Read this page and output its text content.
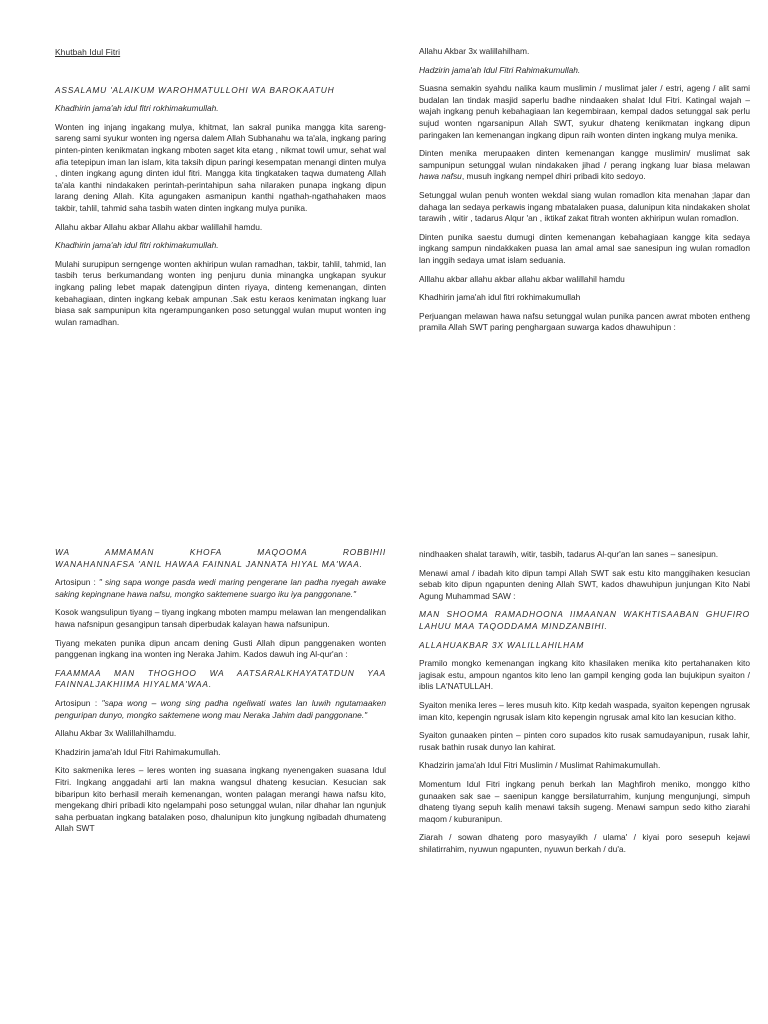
Khutbah Idul Fitri

ASSALAMU 'ALAIKUM WAROHMATULLOHI WA BAROKAATUH

Khadhirin jama'ah idul fitri rokhimakumullah.

Wonten ing injang ingakang mulya, khitmat, lan sakral punika mangga kita sareng-sareng sami syukur wonten ing ngersa dalem Allah Subhanahu wa ta'ala, ingkang paring pinten-pinten kenikmatan ingkang mboten saget kita etang , nikmat towil umur, sehat wal afia tetepipun iman lan islam, kita taksih dipun paringi kesempatan menangi dinten mulya , dinten ingkang agung dinten idul fitri. Mangga kita tingkataken taqwa dumateng Allah ta'ala kanthi nindakaken perintah-perintahipun saha nilaraken punapa ingkang dipun larang dening Allah. Kita agungaken asmanipun kanthi ngathah-ngathahaken maos takbir, tahlil, tahmid saha tasbih waten dinten ingkang mulya punika.

Allahu akbar Allahu akbar Allahu akbar walillahil hamdu.

Khadhirin jama'ah idul fitri rokhimakumullah.

Mulahi surupipun serngenge wonten akhiripun wulan ramadhan, takbir, tahlil, tahmid, lan tasbih terus berkumandang wonten ing penjuru dunia minangka ungkapan syukur ingkang paling lebet mapak datengipun dinten riyaya, dinteng kemenangan, dinten kebahagiaan, dinten ingkang kebak ampunan .Sak estu keraos kenimatan ingkang luar biasa sak sampunipun kita ngerampunganken poso setunggal wulan muput wonten ing wulan ramadhan.

Allahu Akbar 3x walillahilham.

Hadzirin jama'ah Idul Fitri Rahimakumullah.

Suasna semakin syahdu nalika kaum muslimin / muslimat jaler / estri, ageng / alit sami budalan lan tindak masjid saperlu badhe nindaaken shalat Idul Fitri. Katingal wajah – wajah ingkang penuh kebahagiaan lan kegembiraan, kempal dados setunggal sak perlu sujud wonten ngarsanipun Allah SWT, syukur dhateng kenikmatan ingkang dipun paringaken lan kemenangan ingkang dipun raih wonten dinten ingkang mulya menika.

Dinten menika merupaaken dinten kemenangan kangge muslimin/ muslimat sak sampunipun setunggal wulan nindakaken jihad / perang ingkang luar biasa melawan hawa nafsu, musuh ingkang nempel dhiri pribadi kito sedoyo.

Setunggal wulan penuh wonten wekdal siang wulan romadlon kita menahan ;lapar dan dahaga lan sedaya perkawis ingang mbatalaken puasa, dalunipun kita nindakaken sholat tarawih , witir , tadarus Alqur 'an , iktikaf zakat fitrah wonten akhiripun wulan romadlon.

Dinten punika saestu dumugi dinten kemenangan kebahagiaan kangge kita sedaya ingkang sampun nindakkaken puasa lan amal amal sae sanesipun ing wulan romadlon lan inggih sedaya umat islam seduania.

Alllahu akbar allahu akbar allahu akbar walillahil hamdu

Khadhirin jama'ah idul fitri rokhimakumullah

Perjuangan melawan hawa nafsu setunggal wulan punika pancen awrat mboten entheng pramila Allah SWT paring penghargaan suwarga kados dhawuhipun :

WA AMMAMAN KHOFA MAQOOMA ROBBIHII

WANAHANNAFSA 'ANIL HAWAA FAINNAL JANNATA HIYAL MA'WAA.

Artosipun : " sing sapa wonge pasda wedi maring pengerane lan padha nyegah awake saking kepingnane hawa nafsu, mongko saktemene suargo iku iya panggonane."

Kosok wangsulipun tiyang – tiyang ingkang mboten mampu melawan lan mengendalikan hawa nafsnipun gesangipun tansah diperbudak kalayan hawa nafsunipun.

Tiyang mekaten punika dipun ancam dening Gusti Allah dipun panggenaken wonten panggenan ingkang ina wonten ing Neraka Jahim. Kados dawuh ing Al-qur'an :

FAAMMAA MAN THOGHOO WA AATSARALKHAYATATDUN YAA FAINNALJAKHIIMA HIYALMA'WAA.

Artosipun : "sapa wong – wong sing padha ngeliwati wates lan luwih ngutamaaken penguripan dunyo, mongko saktemene wong mau Neraka Jahim dadi panggonane."

Allahu Akbar 3x Walillahilhamdu.

Khadzirin jama'ah Idul Fitri Rahimakumullah.

Kito sakmenika leres – leres wonten ing suasana ingkang nyenengaken suasana Idul Fitri. Ingkang anggadahi arti lan makna wangsul dhateng kesucian. Kesucian sak bibaripun kito berhasil meraih kemenangan, wonten palagan merangi hawa nafsu kito, mengekang dhiri pribadi kito ngelampahi poso setunggal wulan, nilar dhahar lan ngunjuk saha perbuatan ingkang batalaken poso, dhalunipun kito jungkung ngibadah dhumateng Allah SWT

nindhaaken shalat tarawih, witir, tasbih, tadarus Al-qur'an lan sanes – sanesipun.

Menawi amal / ibadah kito dipun tampi Allah SWT sak estu kito manggihaken kesucian sebab kito dipun ngapunten dening Allah SWT, kados dhawuhipun junjungan Kito Nabi Agung Muhammad SAW :

MAN SHOOMA RAMADHOONA IIMAANAN WAKHTISAABAN GHUFIRO LAHUU MAA TAQODDAMA MINDZANBIHI.

ALLAHUAKBAR 3X WALILLAHILHAM

Pramilo mongko kemenangan ingkang kito khasilaken menika kito pertahanaken kito jagisak estu, ampoun ngantos kito leno lan gampil kenging goda lan bujukipun syaiton / iblis LA'NATULLAH.

Syaiton menika leres – leres musuh kito. Kitp kedah waspada, syaiton kepengen ngrusak iman kito, kepengin ngrusak islam kito kepengin ngrusak amal kito lan kesucian kitho.

Syaiton gunaaken pinten – pinten coro supados kito rusak samudayanipun, rusak lahir, rusak bathin rusak dunyo lan kahirat.

Khadzirin jama'ah Idul Fitri Muslimin / Muslimat Rahimakumullah.

Momentum Idul Fitri ingkang penuh berkah lan Maghfiroh meniko, monggo kitho gunaaken sak sae – saenipun kangge bersilaturrahim, kunjung mengunjungi, simpuh dhateng tiyang sepuh kalih menawi taksih sugeng. Menawi sampun sedo kitho ziarahi maqom / kuburanipun.

Ziarah / sowan dhateng poro masyayikh / ulama' / kiyai poro sesepuh kejawi shilatirrahim, nyuwun ngapunten, nyuwun berkah / du'a.
